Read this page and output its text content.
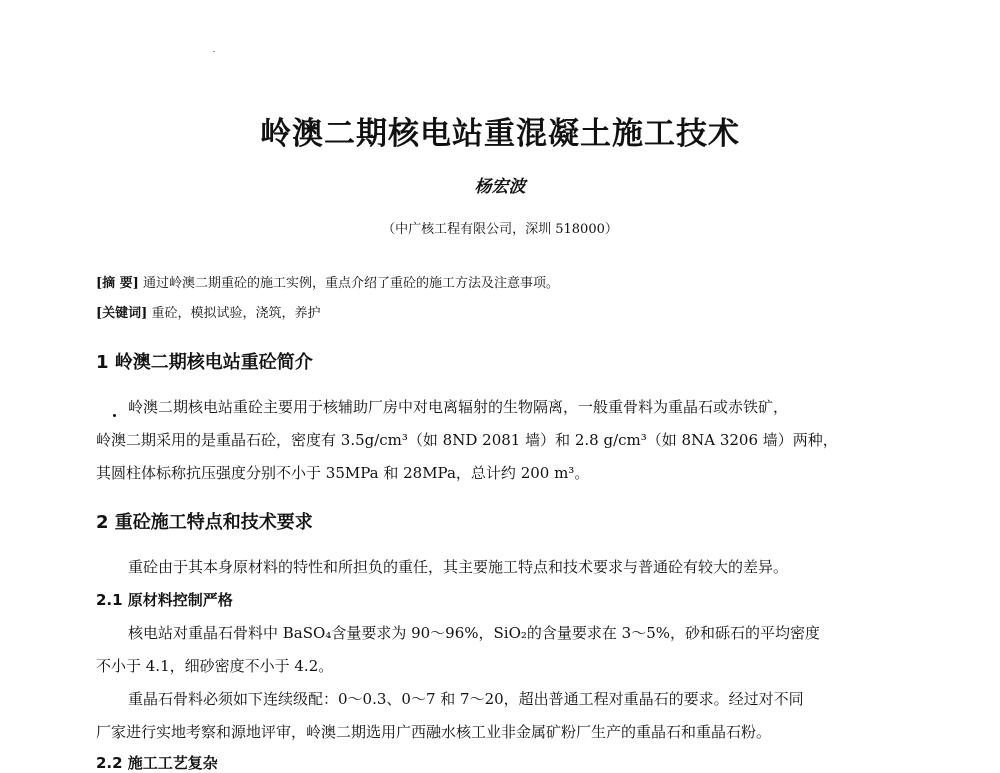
岭澳二期核电站重混凝土施工技术
杨宏波
（中广核工程有限公司，深圳 518000）
[摘 要] 通过岭澳二期重砼的施工实例，重点介绍了重砼的施工方法及注意事项。
[关键词] 重砼，模拟试验，浇筑，养护
1 岭澳二期核电站重砼简介
岭澳二期核电站重砼主要用于核辅助厂房中对电离辐射的生物隔离，一般重骨料为重晶石或赤铁矿，
岭澳二期采用的是重晶石砼，密度有 3.5g/cm³（如 8ND 2081 墙）和 2.8 g/cm³（如 8NA 3206 墙）两种，
其圆柱体标称抗压强度分别不小于 35MPa 和 28MPa，总计约 200 m³。
2 重砼施工特点和技术要求
重砼由于其本身原材料的特性和所担负的重任，其主要施工特点和技术要求与普通砼有较大的差异。
2.1 原材料控制严格
核电站对重晶石骨料中 BaSO₄含量要求为 90～96%，SiO₂的含量要求在 3～5%，砂和砾石的平均密度
不小于 4.1，细砂密度不小于 4.2。
重晶石骨料必须如下连续级配：0～0.3、0～7 和 7～20，超出普通工程对重晶石的要求。经过对不同
厂家进行实地考察和源地评审，岭澳二期选用广西融水核工业非金属矿粉厂生产的重晶石和重晶石粉。
2.2 施工工艺复杂
